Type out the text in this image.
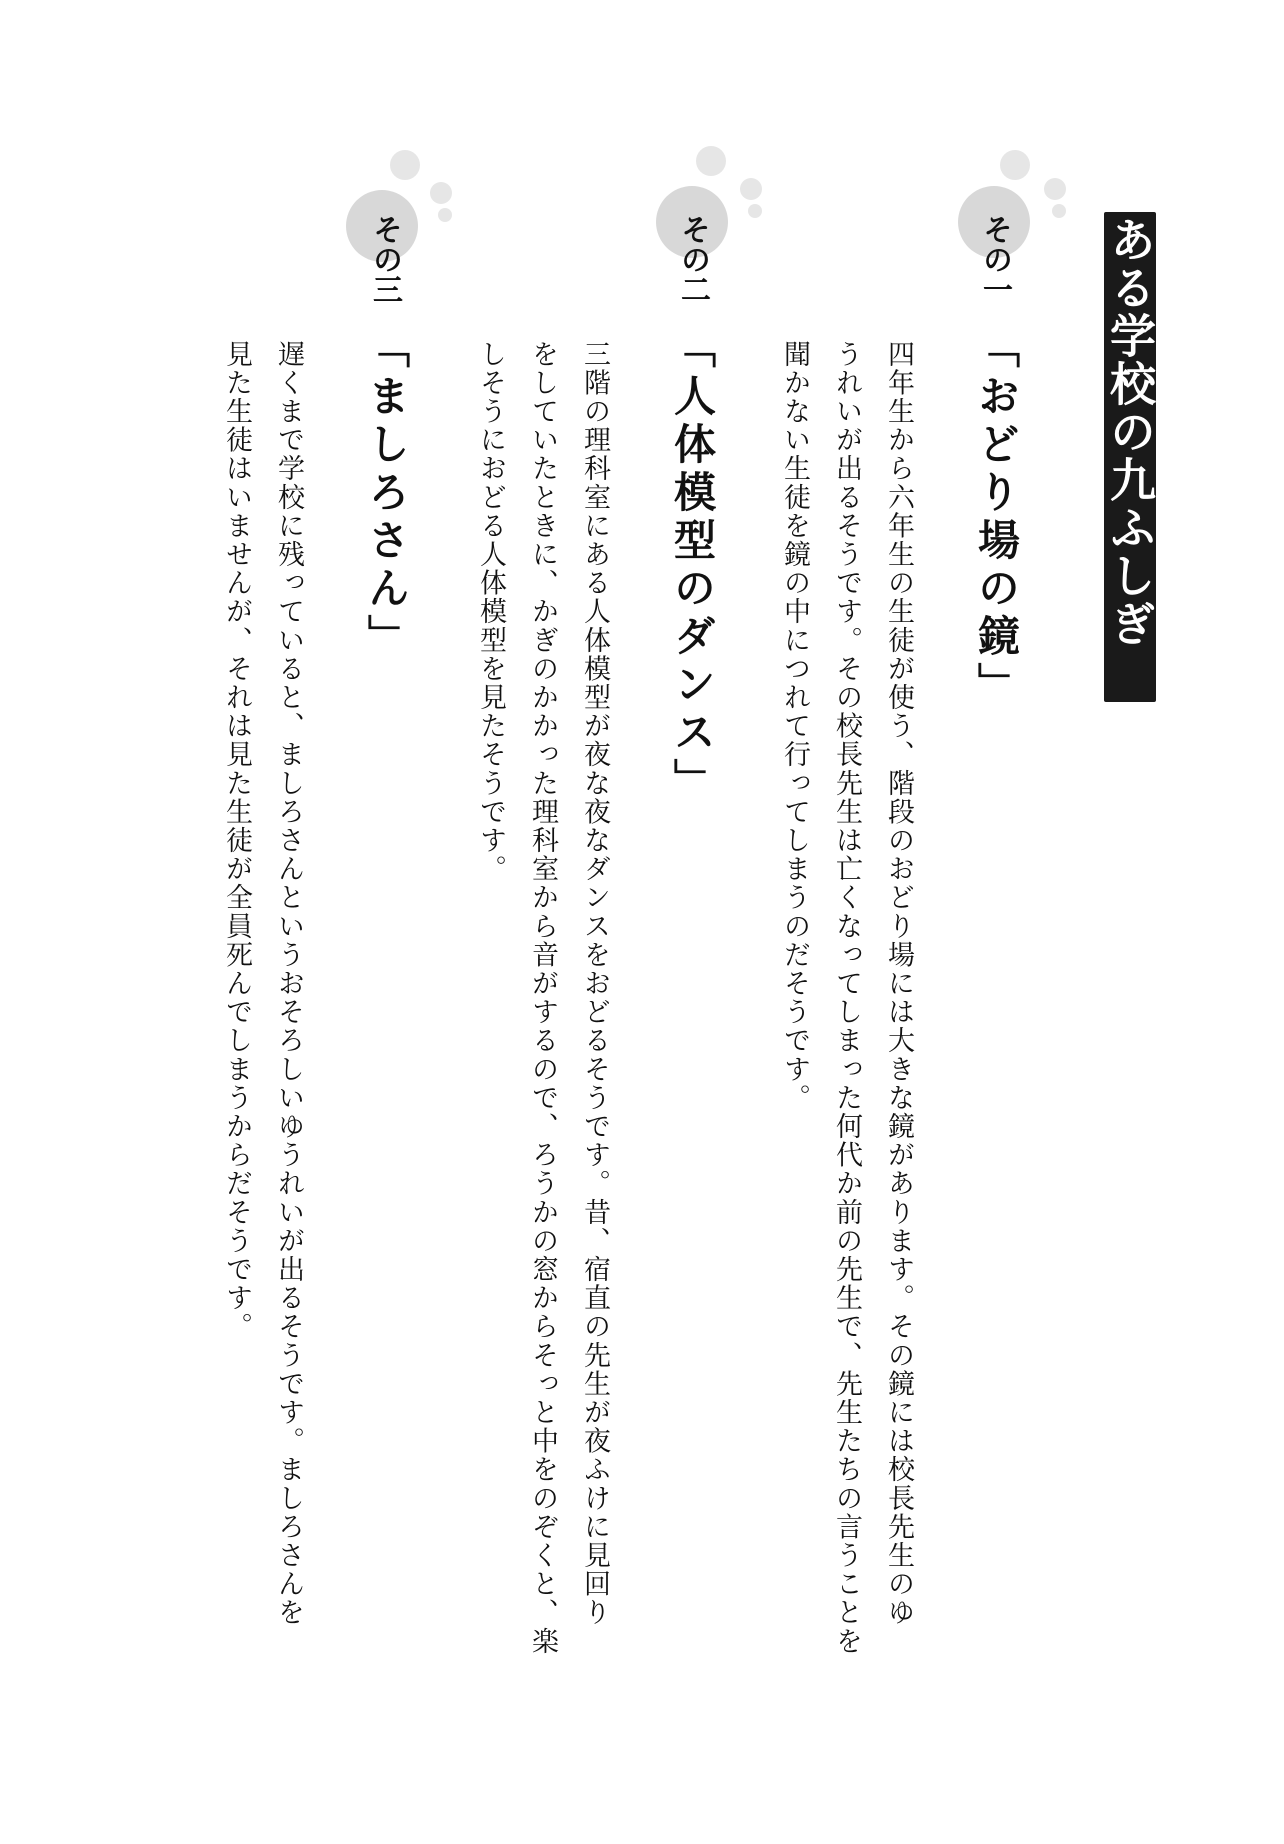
ある学校の九ふしぎ
その一
「おどり場の鏡」
四年生から六年生の生徒が使う、階段のおどり場には大きな鏡があります。その鏡には校長先生のゆ
うれいが出るそうです。その校長先生は亡くなってしまった何代か前の先生で、先生たちの言うことを
聞かない生徒を鏡の中につれて行ってしまうのだそうです。
その二
「人体模型のダンス」
三階の理科室にある人体模型が夜な夜なダンスをおどるそうです。昔、宿直の先生が夜ふけに見回り
をしていたときに、かぎのかかった理科室から音がするので、ろうかの窓からそっと中をのぞくと、楽
しそうにおどる人体模型を見たそうです。
その三
「ましろさん」
遅くまで学校に残っていると、ましろさんというおそろしいゆうれいが出るそうです。ましろさんを
見た生徒はいませんが、それは見た生徒が全員死んでしまうからだそうです。
